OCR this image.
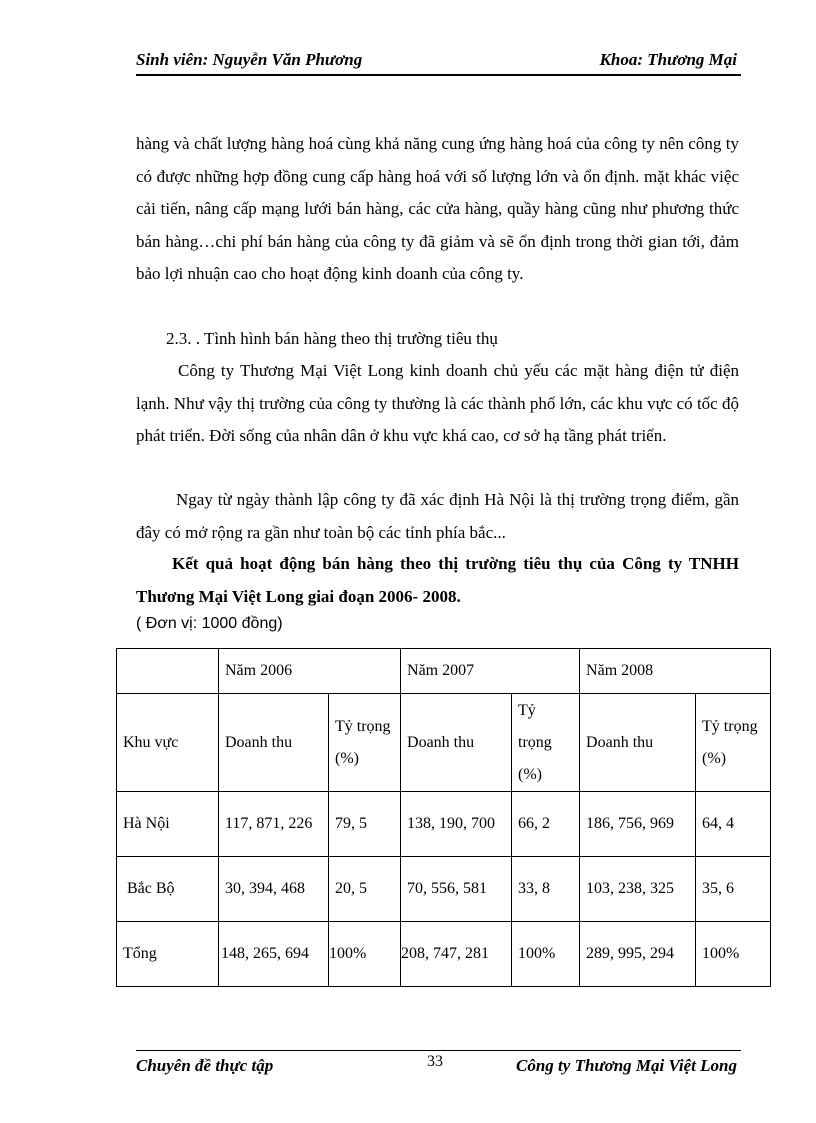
Sinh viên: Nguyễn Văn Phương	Khoa: Thương Mại
hàng và chất lượng hàng hoá cùng khả năng cung ứng hàng hoá của công ty nên công ty có được những hợp đồng cung cấp hàng hoá với số lượng lớn và ổn định. mặt khác việc cải tiến, nâng cấp mạng lưới bán hàng, các cửa hàng, quầy hàng cũng như phương thức bán hàng…chi phí bán hàng của công ty đã giảm và sẽ ổn định trong thời gian tới, đảm bảo lợi nhuận cao cho hoạt động kinh doanh của công ty.
2.3. . Tình hình bán hàng theo thị trường tiêu thụ
Công ty Thương Mại Việt Long kinh doanh chủ yếu các mặt hàng điện tử điện lạnh. Như vậy thị trường của công ty thường là các thành phố lớn, các khu vực có tốc độ phát triển. Đời sống của nhân dân ở khu vực khá cao, cơ sở hạ tầng phát triển.
Ngay từ ngày thành lập công ty đã xác định Hà Nội là thị trường trọng điểm, gần đây có mở rộng ra gần như toàn bộ các tỉnh phía bắc...
Kết quả hoạt động bán hàng theo thị trường tiêu thụ của Công ty TNHH Thương Mại Việt Long giai đoạn 2006- 2008.
( Đơn vị: 1000 đồng)
	Năm 2006		Năm 2007		Năm 2008	
Khu vực	Doanh thu	Tỷ trọng (%)	Doanh thu	Tỷ trọng (%)	Doanh thu	Tỷ trọng (%)
Hà Nội	117, 871, 226	79, 5	138, 190, 700	66, 2	186, 756, 969	64, 4
Bắc Bộ	30, 394, 468	20, 5	70, 556, 581	33, 8	103, 238, 325	35, 6
Tổng	148, 265, 694	100%	208, 747, 281	100%	289, 995, 294	100%
Chuyên đề thực tập	33	Công ty Thương Mại Việt Long
